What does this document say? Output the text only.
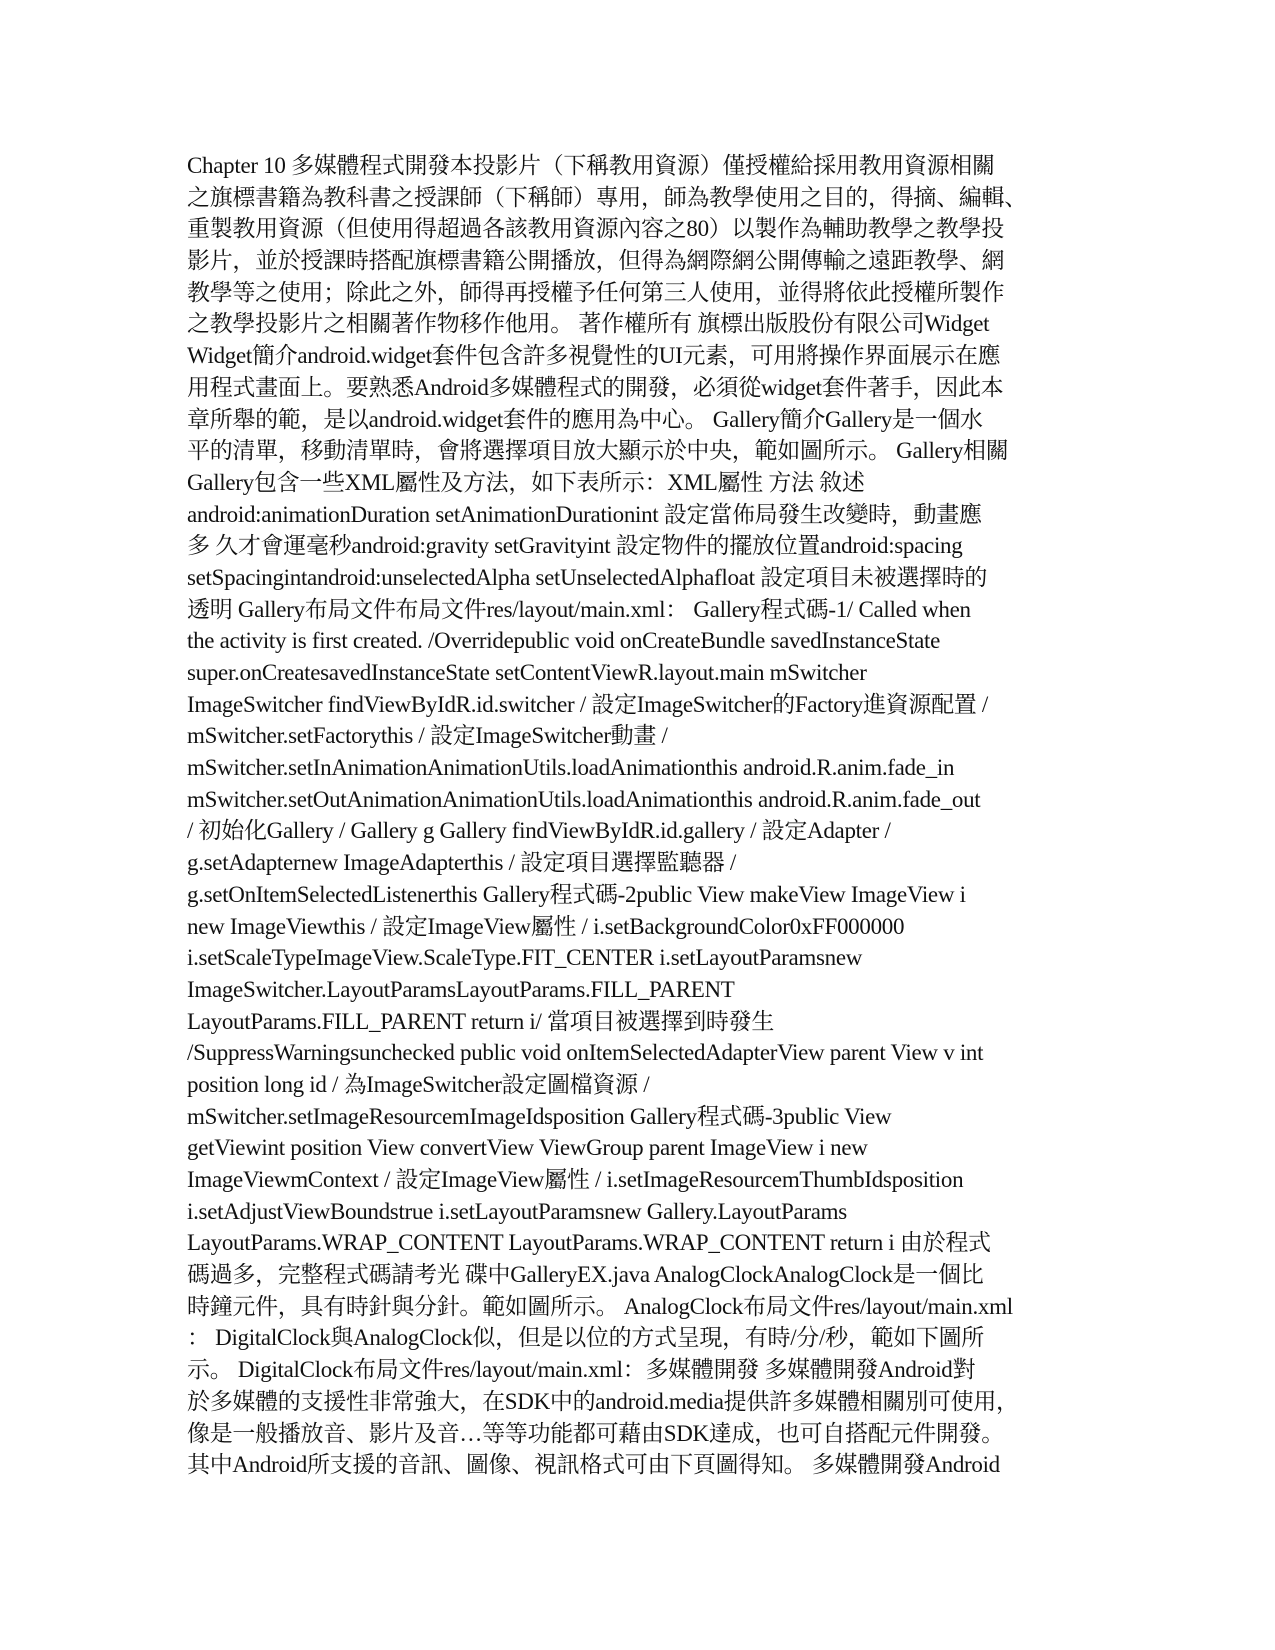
Chapter 10 多媒體程式開發本投影片（下稱教用資源）僅授權給採用教用資源相關
之旗標書籍為教科書之授課師（下稱師）專用，師為教學使用之目的，得摘、編輯、
重製教用資源（但使用得超過各該教用資源內容之80）以製作為輔助教學之教學投
影片，並於授課時搭配旗標書籍公開播放，但得為網際網公開傳輸之遠距教學、網
教學等之使用；除此之外，師得再授權予任何第三人使用，並得將依此授權所製作
之教學投影片之相關著作物移作他用。 著作權所有 旗標出版股份有限公司Widget
Widget簡介android.widget套件包含許多視覺性的UI元素，可用將操作界面展示在應
用程式畫面上。要熟悉Android多媒體程式的開發，必須從widget套件著手，因此本
章所舉的範，是以android.widget套件的應用為中心。 Gallery簡介Gallery是一個水
平的清單，移動清單時，會將選擇項目放大顯示於中央，範如圖所示。 Gallery相關
Gallery包含一些XML屬性及方法，如下表所示：XML屬性 方法 敘述
android:animationDuration setAnimationDurationint 設定當佈局發生改變時，動畫應
多 久才會運毫秒android:gravity setGravityint 設定物件的擺放位置android:spacing
setSpacingintandroid:unselectedAlpha setUnselectedAlphafloat 設定項目未被選擇時的
透明 Gallery布局文件布局文件res/layout/main.xml： Gallery程式碼-1/ Called when
the activity is first created. /Overridepublic void onCreateBundle savedInstanceState
super.onCreatesavedInstanceState setContentViewR.layout.main mSwitcher
ImageSwitcher findViewByIdR.id.switcher / 設定ImageSwitcher的Factory進資源配置 /
mSwitcher.setFactorythis / 設定ImageSwitcher動畫 /
mSwitcher.setInAnimationAnimationUtils.loadAnimationthis android.R.anim.fade_in
mSwitcher.setOutAnimationAnimationUtils.loadAnimationthis android.R.anim.fade_out
/ 初始化Gallery / Gallery g Gallery findViewByIdR.id.gallery / 設定Adapter /
g.setAdapternew ImageAdapterthis / 設定項目選擇監聽器 /
g.setOnItemSelectedListenerthis Gallery程式碼-2public View makeView ImageView i
new ImageViewthis / 設定ImageView屬性 / i.setBackgroundColor0xFF000000
i.setScaleTypeImageView.ScaleType.FIT_CENTER i.setLayoutParamsnew
ImageSwitcher.LayoutParamsLayoutParams.FILL_PARENT
LayoutParams.FILL_PARENT return i/ 當項目被選擇到時發生
/SuppressWarningsunchecked public void onItemSelectedAdapterView parent View v int
position long id / 為ImageSwitcher設定圖檔資源 /
mSwitcher.setImageResourcemImageIdsposition Gallery程式碼-3public View
getViewint position View convertView ViewGroup parent ImageView i new
ImageViewmContext / 設定ImageView屬性 / i.setImageResourcemThumbIdsposition
i.setAdjustViewBoundstrue i.setLayoutParamsnew Gallery.LayoutParams
LayoutParams.WRAP_CONTENT LayoutParams.WRAP_CONTENT return i 由於程式
碼過多，完整程式碼請考光 碟中GalleryEX.java AnalogClockAnalogClock是一個比
時鐘元件，具有時針與分針。範如圖所示。 AnalogClock布局文件res/layout/main.xml
： DigitalClock與AnalogClock似，但是以位的方式呈現，有時/分/秒，範如下圖所
示。 DigitalClock布局文件res/layout/main.xml：多媒體開發 多媒體開發Android對
於多媒體的支援性非常強大，在SDK中的android.media提供許多媒體相關別可使用，
像是一般播放音、影片及音…等等功能都可藉由SDK達成，也可自搭配元件開發。
其中Android所支援的音訊、圖像、視訊格式可由下頁圖得知。 多媒體開發Android
